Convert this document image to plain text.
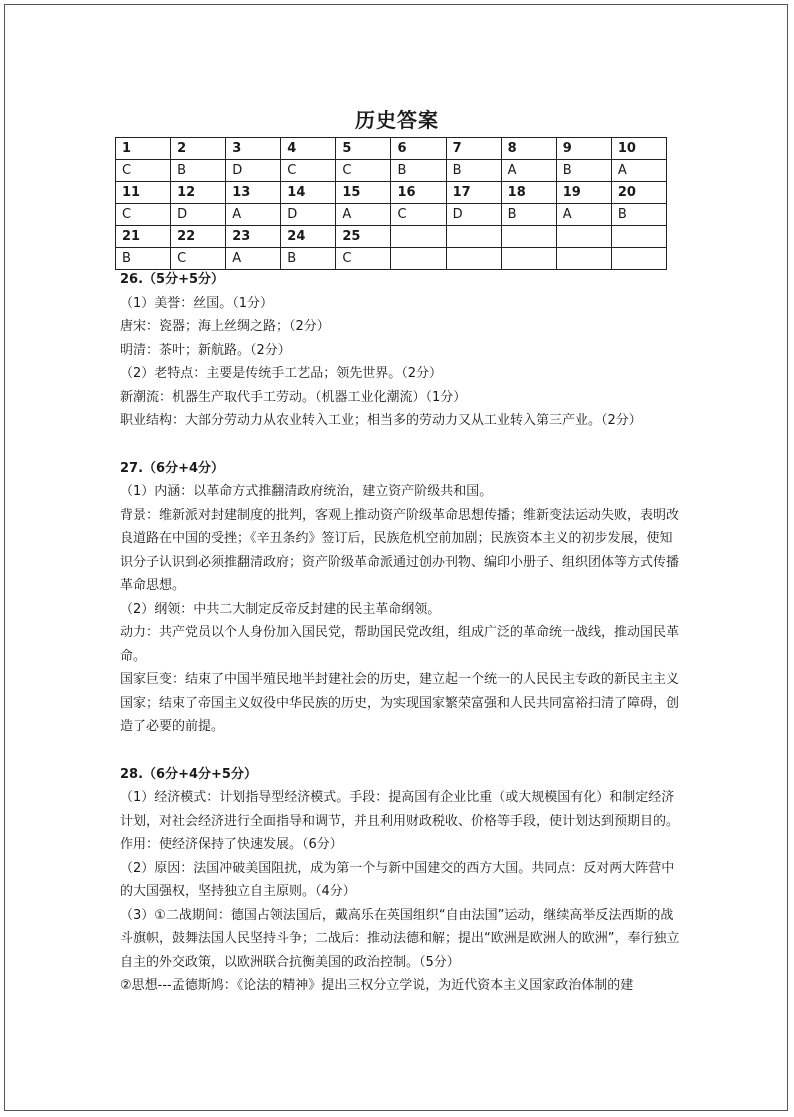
历史答案
1	2	3	4	5	6	7	8	9	10
C	B	D	C	C	B	B	A	B	A
11	12	13	14	15	16	17	18	19	20
C	D	A	D	A	C	D	B	A	B
21	22	23	24	25					
B	C	A	B	C					

26.（5分+5分）

（1）美誉：丝国。（1分）

唐宋：瓷器；海上丝绸之路；（2分）

明清：茶叶；新航路。（2分）

（2）老特点：主要是传统手工艺品；领先世界。（2分）

新潮流：机器生产取代手工劳动。（机器工业化潮流）（1分）

职业结构：大部分劳动力从农业转入工业；相当多的劳动力又从工业转入第三产业。（2分）

27.（6分+4分）

（1）内涵：以革命方式推翻清政府统治，建立资产阶级共和国。

背景：维新派对封建制度的批判，客观上推动资产阶级革命思想传播；维新变法运动失败，表明改良道路在中国的受挫；《辛丑条约》签订后，民族危机空前加剧；民族资本主义的初步发展，使知识分子认识到必须推翻清政府；资产阶级革命派通过创办刊物、编印小册子、组织团体等方式传播革命思想。

（2）纲领：中共二大制定反帝反封建的民主革命纲领。

动力：共产党员以个人身份加入国民党，帮助国民党改组，组成广泛的革命统一战线，推动国民革命。

国家巨变：结束了中国半殖民地半封建社会的历史，建立起一个统一的人民民主专政的新民主主义国家；结束了帝国主义奴役中华民族的历史，为实现国家繁荣富强和人民共同富裕扫清了障碍，创造了必要的前提。

28.（6分+4分+5分）

（1）经济模式：计划指导型经济模式。手段：提高国有企业比重（或大规模国有化）和制定经济计划，对社会经济进行全面指导和调节，并且利用财政税收、价格等手段，使计划达到预期目的。作用：使经济保持了快速发展。（6分）

（2）原因：法国冲破美国阻扰，成为第一个与新中国建交的西方大国。共同点：反对两大阵营中的大国强权，坚持独立自主原则。（4分）

（3）①二战期间：德国占领法国后，戴高乐在英国组织“自由法国”运动，继续高举反法西斯的战斗旗帜，鼓舞法国人民坚持斗争；二战后：推动法德和解；提出“欧洲是欧洲人的欧洲”，奉行独立自主的外交政策，以欧洲联合抗衡美国的政治控制。（5分）

②思想---孟德斯鸠：《论法的精神》提出三权分立学说，为近代资本主义国家政治体制的建
